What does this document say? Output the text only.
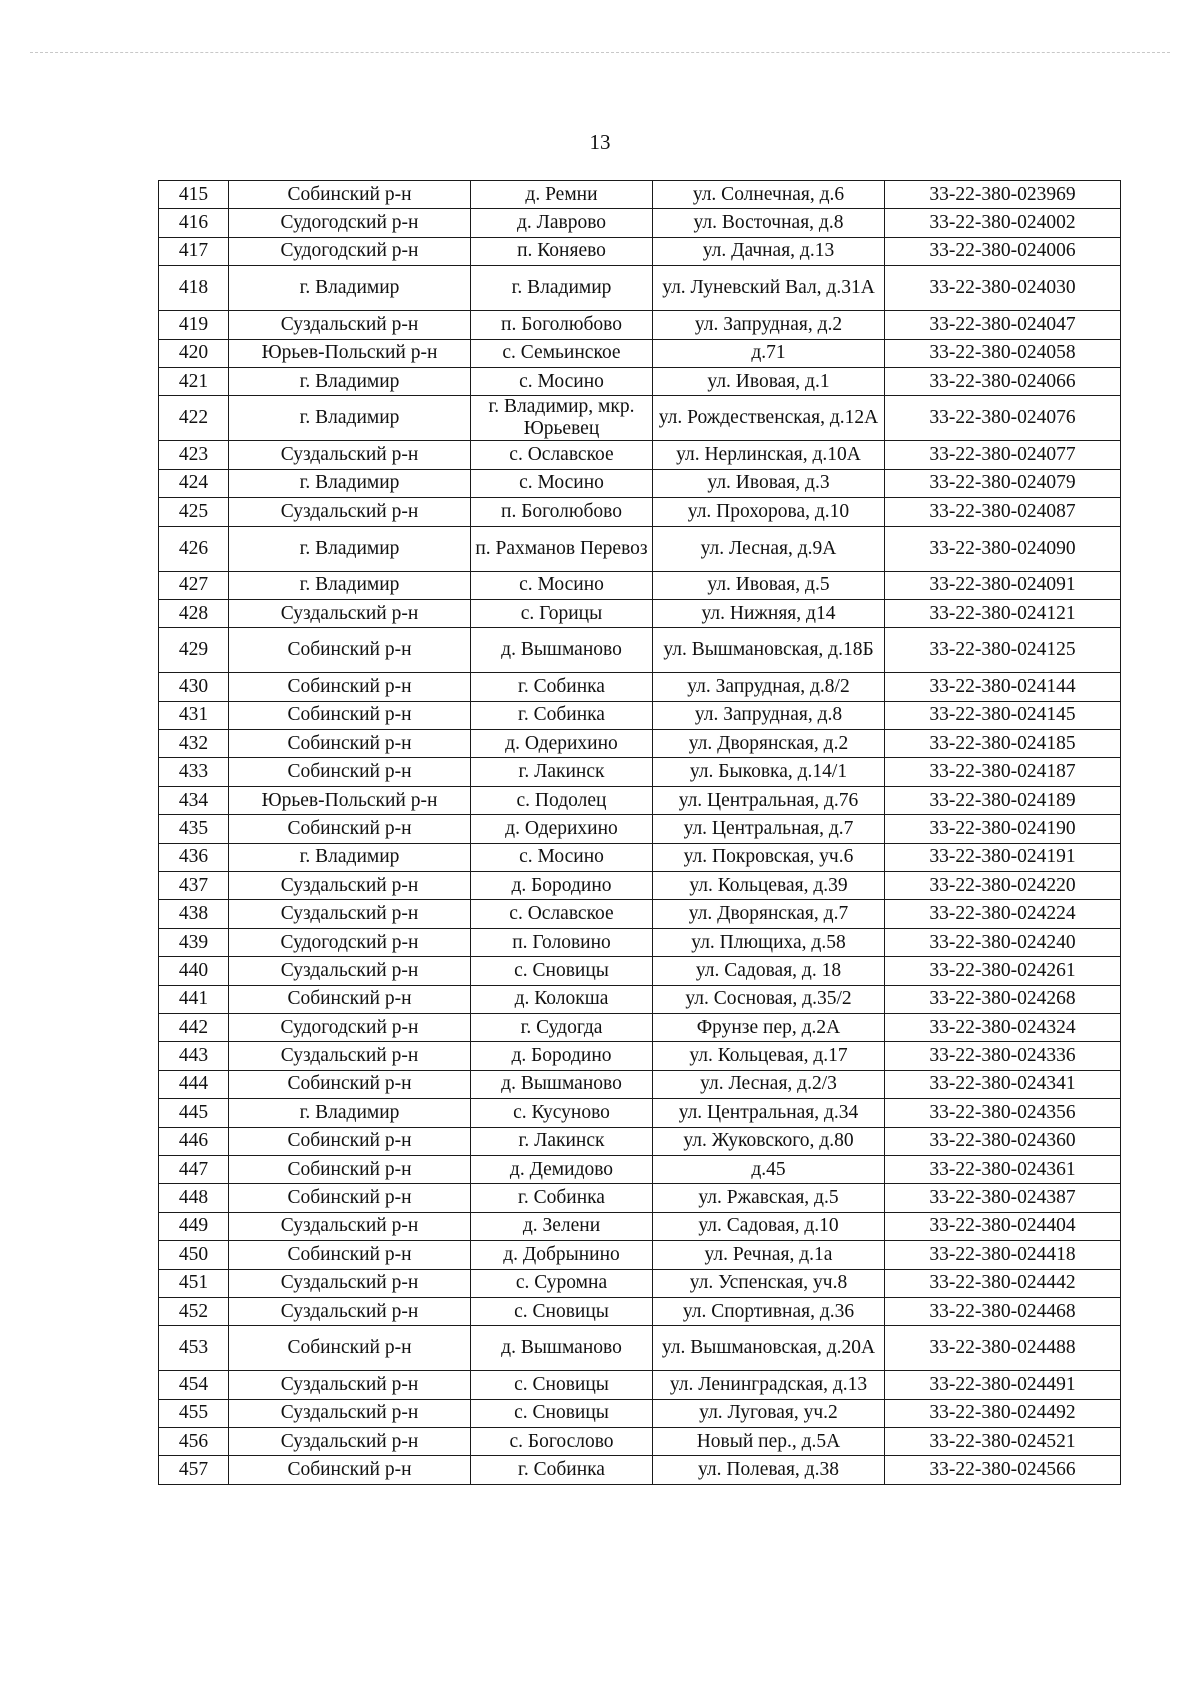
13
415	Собинский р-н	д. Ремни	ул. Солнечная, д.6	33-22-380-023969
416	Судогодский р-н	д. Лаврово	ул. Восточная, д.8	33-22-380-024002
417	Судогодский р-н	п. Коняево	ул. Дачная, д.13	33-22-380-024006
418	г. Владимир	г. Владимир	ул. Луневский Вал, д.31А	33-22-380-024030
419	Суздальский р-н	п. Боголюбово	ул. Запрудная, д.2	33-22-380-024047
420	Юрьев-Польский р-н	с. Семьинское	д.71	33-22-380-024058
421	г. Владимир	с. Мосино	ул. Ивовая, д.1	33-22-380-024066
422	г. Владимир	г. Владимир, мкр. Юрьевец	ул. Рождественская, д.12А	33-22-380-024076
423	Суздальский р-н	с. Ославское	ул. Нерлинская, д.10А	33-22-380-024077
424	г. Владимир	с. Мосино	ул. Ивовая, д.3	33-22-380-024079
425	Суздальский р-н	п. Боголюбово	ул. Прохорова, д.10	33-22-380-024087
426	г. Владимир	п. Рахманов Перевоз	ул. Лесная, д.9А	33-22-380-024090
427	г. Владимир	с. Мосино	ул. Ивовая, д.5	33-22-380-024091
428	Суздальский р-н	с. Горицы	ул. Нижняя, д14	33-22-380-024121
429	Собинский р-н	д. Вышманово	ул. Вышмановская, д.18Б	33-22-380-024125
430	Собинский р-н	г. Собинка	ул. Запрудная, д.8/2	33-22-380-024144
431	Собинский р-н	г. Собинка	ул. Запрудная, д.8	33-22-380-024145
432	Собинский р-н	д. Одерихино	ул. Дворянская, д.2	33-22-380-024185
433	Собинский р-н	г. Лакинск	ул. Быковка, д.14/1	33-22-380-024187
434	Юрьев-Польский р-н	с. Подолец	ул. Центральная, д.76	33-22-380-024189
435	Собинский р-н	д. Одерихино	ул. Центральная, д.7	33-22-380-024190
436	г. Владимир	с. Мосино	ул. Покровская, уч.6	33-22-380-024191
437	Суздальский р-н	д. Бородино	ул. Кольцевая, д.39	33-22-380-024220
438	Суздальский р-н	с. Ославское	ул. Дворянская, д.7	33-22-380-024224
439	Судогодский р-н	п. Головино	ул. Плющиха, д.58	33-22-380-024240
440	Суздальский р-н	с. Сновицы	ул. Садовая, д. 18	33-22-380-024261
441	Собинский р-н	д. Колокша	ул. Сосновая, д.35/2	33-22-380-024268
442	Судогодский р-н	г. Судогда	Фрунзе пер, д.2А	33-22-380-024324
443	Суздальский р-н	д. Бородино	ул. Кольцевая, д.17	33-22-380-024336
444	Собинский р-н	д. Вышманово	ул. Лесная, д.2/3	33-22-380-024341
445	г. Владимир	с. Кусуново	ул. Центральная, д.34	33-22-380-024356
446	Собинский р-н	г. Лакинск	ул. Жуковского, д.80	33-22-380-024360
447	Собинский р-н	д. Демидово	д.45	33-22-380-024361
448	Собинский р-н	г. Собинка	ул. Ржавская, д.5	33-22-380-024387
449	Суздальский р-н	д. Зелени	ул. Садовая, д.10	33-22-380-024404
450	Собинский р-н	д. Добрынино	ул. Речная, д.1а	33-22-380-024418
451	Суздальский р-н	с. Суромна	ул. Успенская, уч.8	33-22-380-024442
452	Суздальский р-н	с. Сновицы	ул. Спортивная, д.36	33-22-380-024468
453	Собинский р-н	д. Вышманово	ул. Вышмановская, д.20А	33-22-380-024488
454	Суздальский р-н	с. Сновицы	ул. Ленинградская, д.13	33-22-380-024491
455	Суздальский р-н	с. Сновицы	ул. Луговая, уч.2	33-22-380-024492
456	Суздальский р-н	с. Богослово	Новый пер., д.5А	33-22-380-024521
457	Собинский р-н	г. Собинка	ул. Полевая, д.38	33-22-380-024566
